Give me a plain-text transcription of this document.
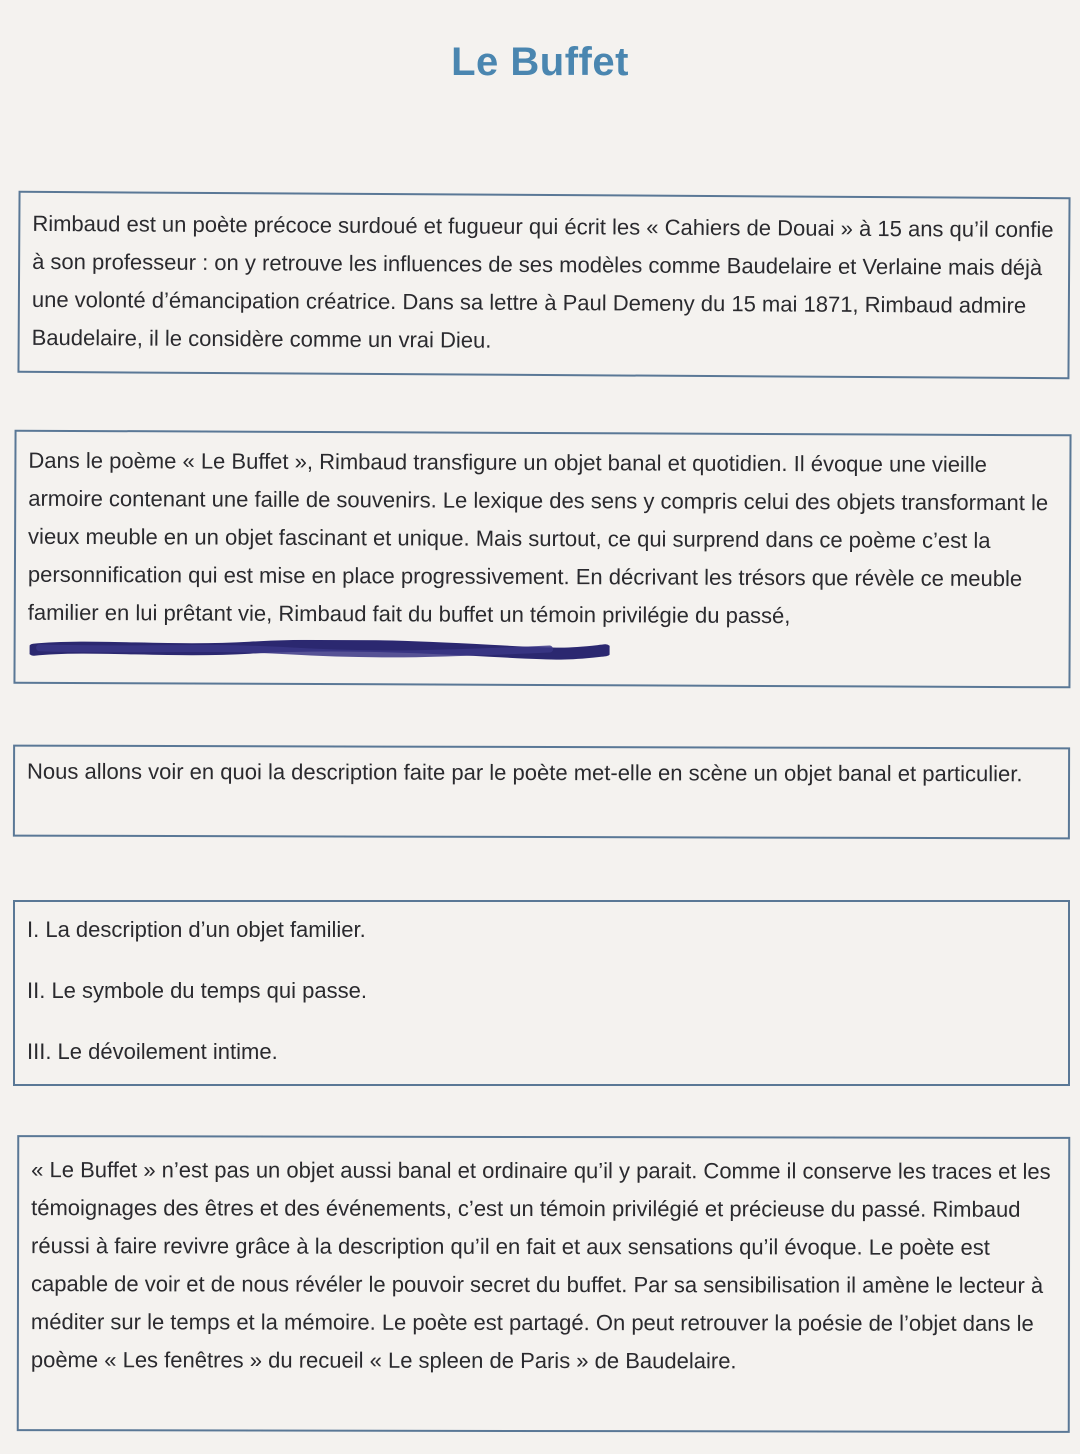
Le Buffet

Rimbaud est un poète précoce surdoué et fugueur qui écrit les « Cahiers de Douai » à 15 ans qu’il confie à son professeur : on y retrouve les influences de ses modèles comme Baudelaire et Verlaine mais déjà une volonté d’émancipation créatrice. Dans sa lettre à Paul Demeny du 15 mai 1871, Rimbaud admire Baudelaire, il le considère comme un vrai Dieu.

Dans le poème « Le Buffet », Rimbaud transfigure un objet banal et quotidien. Il évoque une vieille armoire contenant une faille de souvenirs. Le lexique des sens y compris celui des objets transformant le vieux meuble en un objet fascinant et unique. Mais surtout, ce qui surprend dans ce poème c’est la personnification qui est mise en place progressivement. En décrivant les trésors que révèle ce meuble familier en lui prêtant vie, Rimbaud fait du buffet un témoin privilégie du passé,

Nous allons voir en quoi la description faite par le poète met-elle en scène un objet banal et particulier.

I. La description d’un objet familier.

II. Le symbole du temps qui passe.

III. Le dévoilement intime.

« Le Buffet » n’est pas un objet aussi banal et ordinaire qu’il y parait. Comme il conserve les traces et les témoignages des êtres et des événements, c’est un témoin privilégié et précieuse du passé. Rimbaud réussi à faire revivre grâce à la description qu’il en fait et aux sensations qu’il évoque. Le poète est capable de voir et de nous révéler le pouvoir secret du buffet. Par sa sensibilisation il amène le lecteur à méditer sur le temps et la mémoire. Le poète est partagé. On peut retrouver la poésie de l’objet dans le poème « Les fenêtres » du recueil « Le spleen de Paris » de Baudelaire.
